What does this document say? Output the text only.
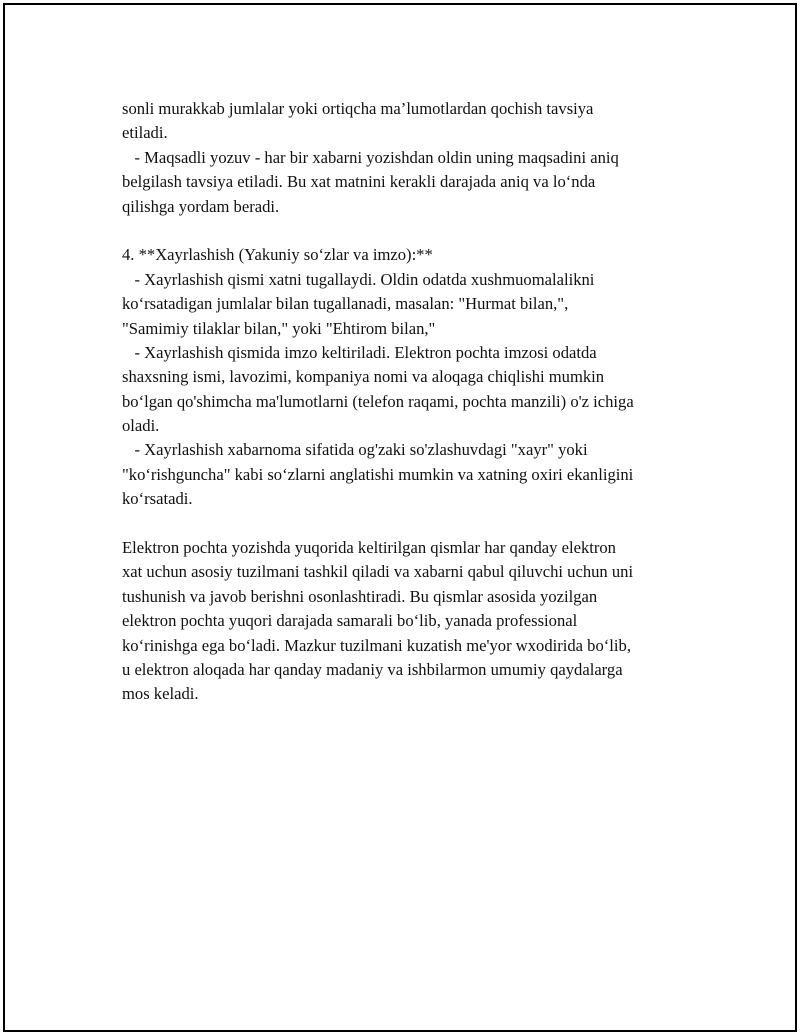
sonli murakkab jumlalar yoki ortiqcha ma’lumotlardan qochish tavsiya
etiladi.
- Maqsadli yozuv - har bir xabarni yozishdan oldin uning maqsadini aniq
belgilash tavsiya etiladi. Bu xat matnini kerakli darajada aniq va lo‘nda
qilishga yordam beradi.
4. **Xayrlashish (Yakuniy so‘zlar va imzo):**
- Xayrlashish qismi xatni tugallaydi. Oldin odatda xushmuomalalikni
ko‘rsatadigan jumlalar bilan tugallanadi, masalan: "Hurmat bilan,",
"Samimiy tilaklar bilan," yoki "Ehtirom bilan,"
- Xayrlashish qismida imzo keltiriladi. Elektron pochta imzosi odatda
shaxsning ismi, lavozimi, kompaniya nomi va aloqaga chiqlishi mumkin
bo‘lgan qo'shimcha ma'lumotlarni (telefon raqami, pochta manzili) o'z ichiga
oladi.
- Xayrlashish xabarnoma sifatida og'zaki so'zlashuvdagi "xayr" yoki
"ko‘rishguncha" kabi so‘zlarni anglatishi mumkin va xatning oxiri ekanligini
ko‘rsatadi.
Elektron pochta yozishda yuqorida keltirilgan qismlar har qanday elektron
xat uchun asosiy tuzilmani tashkil qiladi va xabarni qabul qiluvchi uchun uni
tushunish va javob berishni osonlashtiradi. Bu qismlar asosida yozilgan
elektron pochta yuqori darajada samarali bo‘lib, yanada professional
ko‘rinishga ega bo‘ladi. Mazkur tuzilmani kuzatish me'yor wxodirida bo‘lib,
u elektron aloqada har qanday madaniy va ishbilarmon umumiy qaydalarga
mos keladi.
